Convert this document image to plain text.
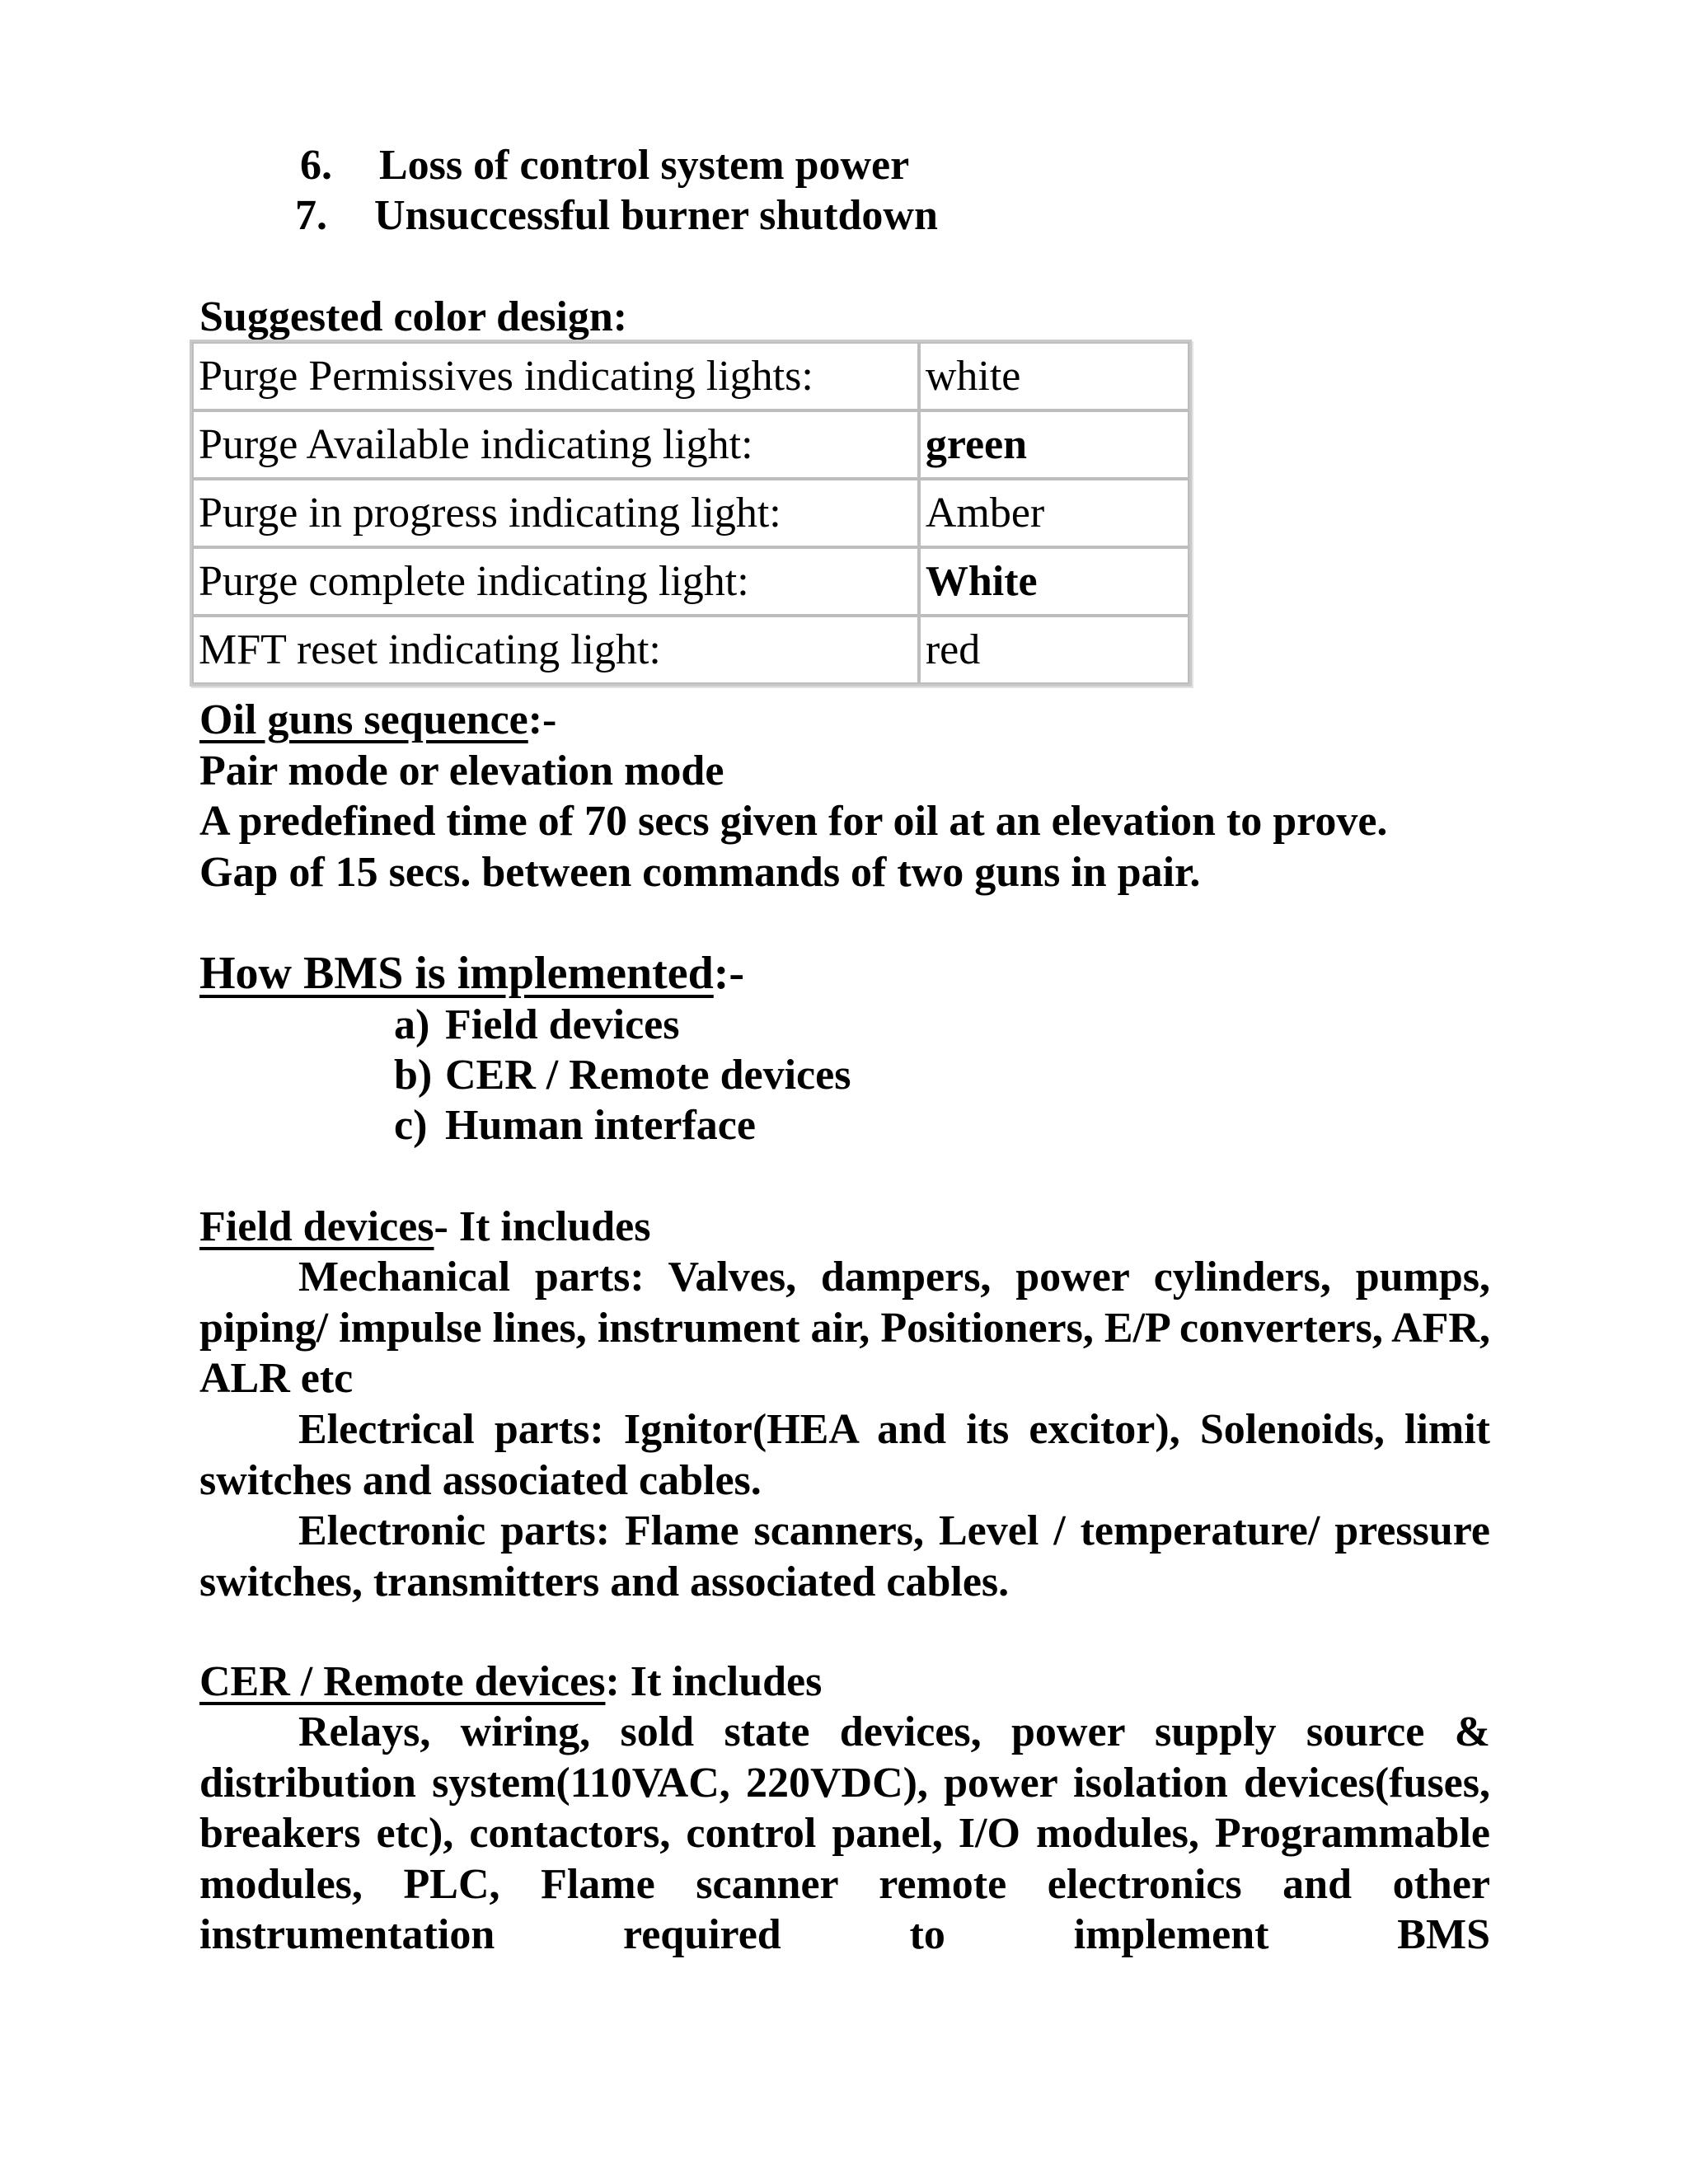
6. Loss of control system power
7. Unsuccessful burner shutdown
Suggested color design:
Purge Permissives indicating lights:	white
Purge Available indicating light:	green
Purge in progress indicating light:	Amber
Purge complete indicating light:	White
MFT reset indicating light:	red
Oil guns sequence:-
Pair mode or elevation mode
A predefined time of 70 secs given for oil at an elevation to prove.
Gap of 15 secs. between commands of two guns in pair.
How BMS is implemented:-
a) Field devices
b) CER / Remote devices
c) Human interface
Field devices- It includes
Mechanical parts: Valves, dampers, power cylinders, pumps, piping/ impulse lines, instrument air, Positioners, E/P converters, AFR, ALR etc
Electrical parts: Ignitor(HEA and its excitor), Solenoids, limit switches and associated cables.
Electronic parts: Flame scanners, Level / temperature/ pressure switches, transmitters and associated cables.
CER / Remote devices: It includes
Relays, wiring, sold state devices, power supply source & distribution system(110VAC, 220VDC), power isolation devices(fuses, breakers etc), contactors, control panel, I/O modules, Programmable modules, PLC, Flame scanner remote electronics and other instrumentation required to implement BMS
